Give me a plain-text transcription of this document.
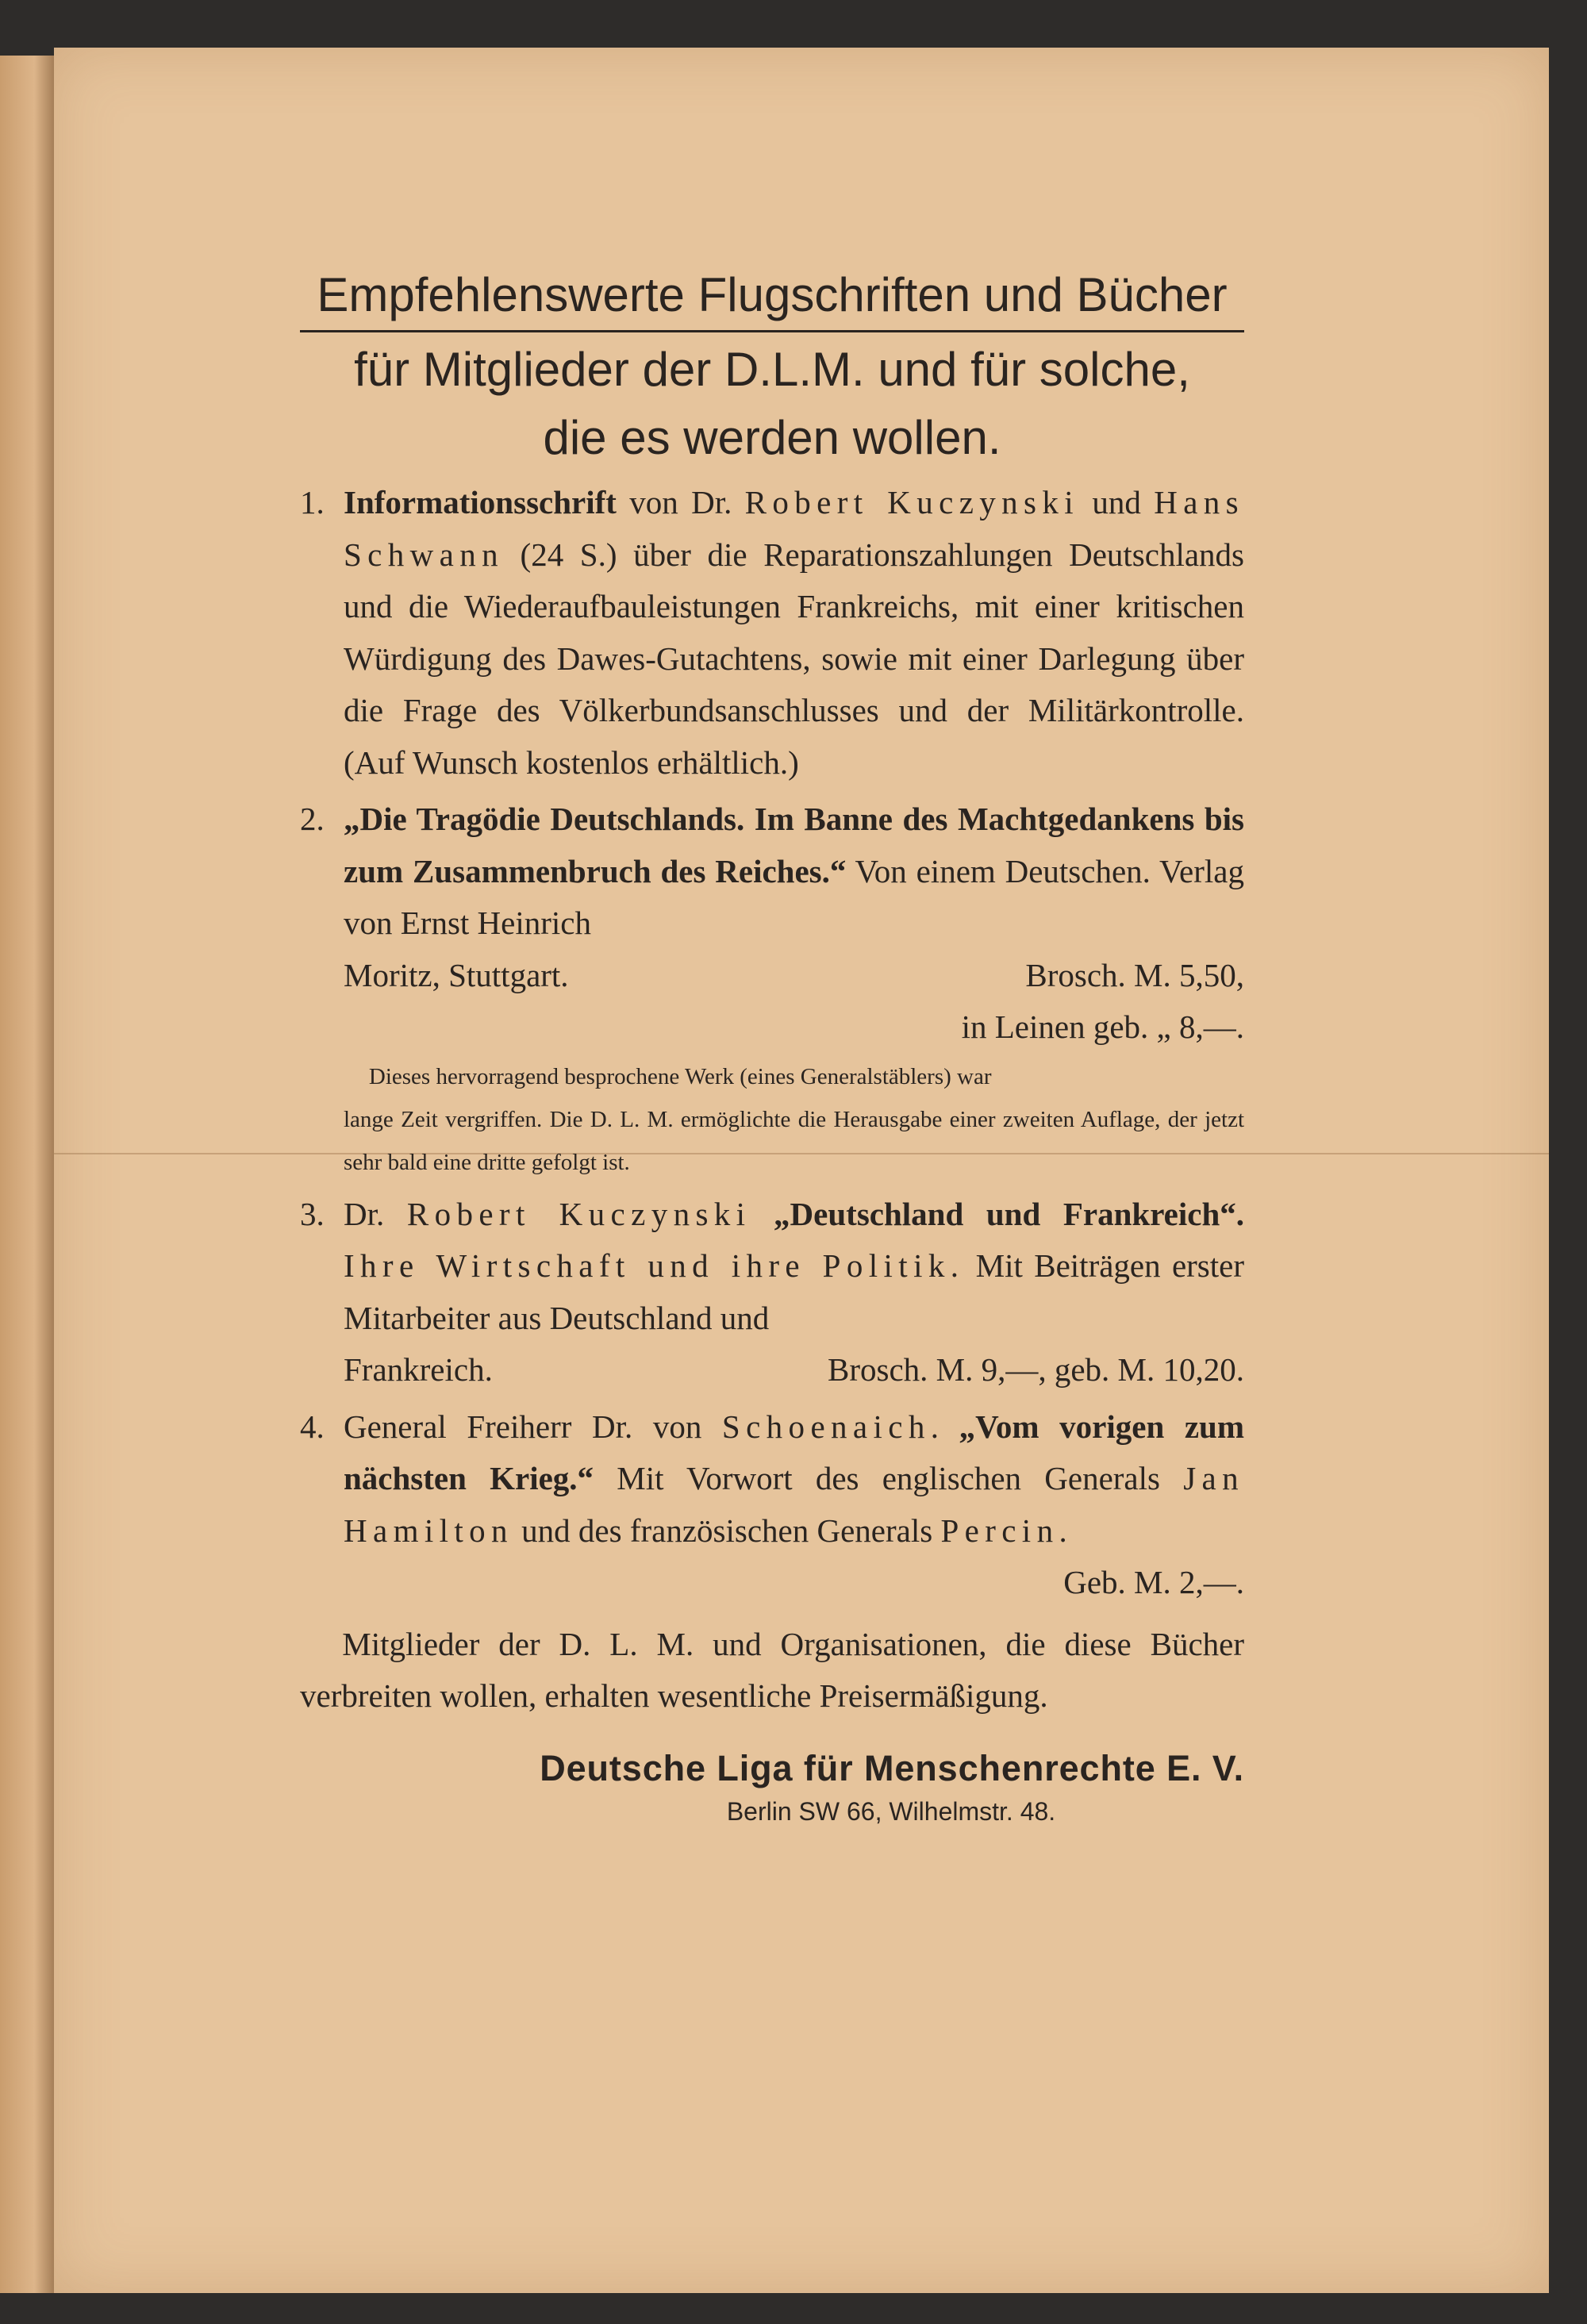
Empfehlenswerte Flugschriften und Bücher
für Mitglieder der D.L.M. und für solche,
die es werden wollen.
1. Informationsschrift von Dr. Robert Kuczynski und Hans Schwann (24 S.) über die Reparationszahlungen Deutschlands und die Wiederaufbauleistungen Frankreichs, mit einer kritischen Würdigung des Dawes-Gutachtens, sowie mit einer Darlegung über die Frage des Völkerbundsanschlusses und der Militärkontrolle. (Auf Wunsch kostenlos erhältlich.)
2. „Die Tragödie Deutschlands. Im Banne des Machtgedankens bis zum Zusammenbruch des Reiches.“ Von einem Deutschen. Verlag von Ernst Heinrich
Moritz, Stuttgart.	Brosch. M. 5,50,
in Leinen geb. „ 8,—.
Dieses hervorragend besprochene Werk (eines Generalstäblers) war
lange Zeit vergriffen. Die D. L. M. ermöglichte die Herausgabe einer zweiten Auflage, der jetzt sehr bald eine dritte gefolgt ist.
3. Dr. Robert Kuczynski „Deutschland und Frankreich“. Ihre Wirtschaft und ihre Politik. Mit Beiträgen erster Mitarbeiter aus Deutschland und
Frankreich.	Brosch. M. 9,—, geb. M. 10,20.
4. General Freiherr Dr. von Schoenaich. „Vom vorigen zum nächsten Krieg.“ Mit Vorwort des englischen Generals Jan Hamilton und des französischen Generals Percin.
Geb. M. 2,—.
Mitglieder der D. L. M. und Organisationen, die diese Bücher verbreiten wollen, erhalten wesentliche Preisermäßigung.
Deutsche Liga für Menschenrechte E. V.
Berlin SW 66, Wilhelmstr. 48.
